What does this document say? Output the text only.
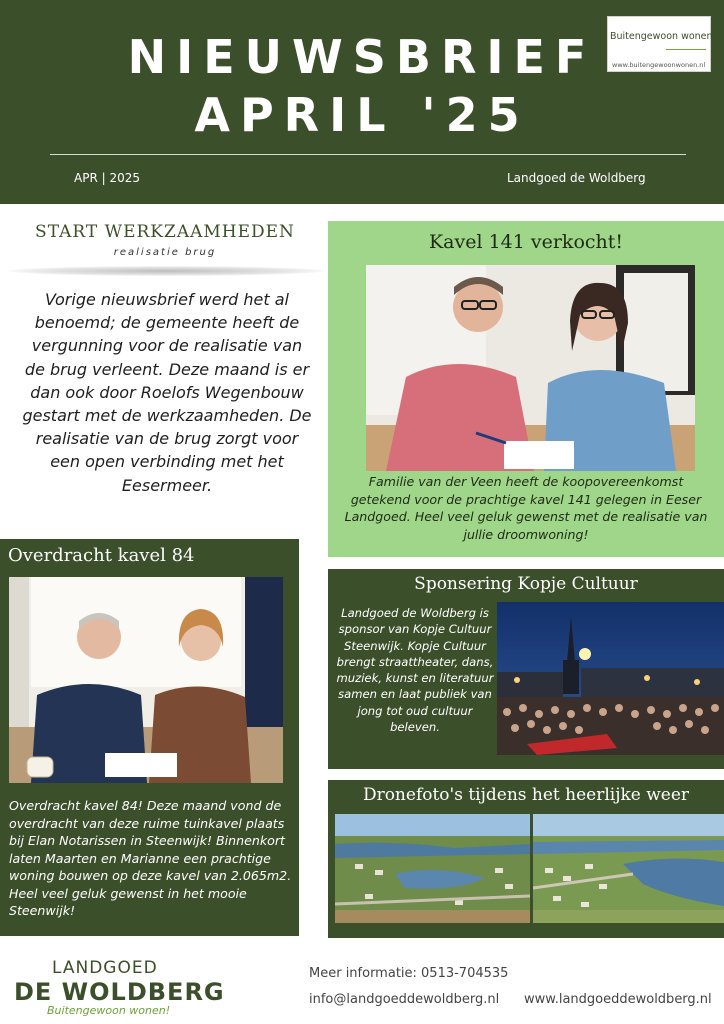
NIEUWSBRIEF
APRIL '25
APR | 2025	Landgoed de Woldberg
Buitengewoon wonen
www.buitengewoonwonen.nl
START WERKZAAMHEDEN
realisatie brug
Vorige nieuwsbrief werd het al benoemd; de gemeente heeft de vergunning voor de realisatie van de brug verleent. Deze maand is er dan ook door Roelofs Wegenbouw gestart met de werkzaamheden. De realisatie van de brug zorgt voor een open verbinding met het Eesermeer.
Kavel 141 verkocht!
Familie van der Veen heeft de koopovereenkomst getekend voor de prachtige kavel 141 gelegen in Eeser Landgoed. Heel veel geluk gewenst met de realisatie van jullie droomwoning!
Overdracht kavel 84
Overdracht kavel 84! Deze maand vond de overdracht van deze ruime tuinkavel plaats bij Elan Notarissen in Steenwijk! Binnenkort laten Maarten en Marianne een prachtige woning bouwen op deze kavel van 2.065m2. Heel veel geluk gewenst in het mooie Steenwijk!
Sponsering Kopje Cultuur
Landgoed de Woldberg is sponsor van Kopje Cultuur Steenwijk. Kopje Cultuur brengt straattheater, dans, muziek, kunst en literatuur samen en laat publiek van jong tot oud cultuur beleven.
Dronefoto's tijdens het heerlijke weer
LANDGOED
DE WOLDBERG
Buitengewoon wonen!
Meer informatie: 0513-704535
info@landgoeddewoldberg.nl www.landgoeddewoldberg.nl
